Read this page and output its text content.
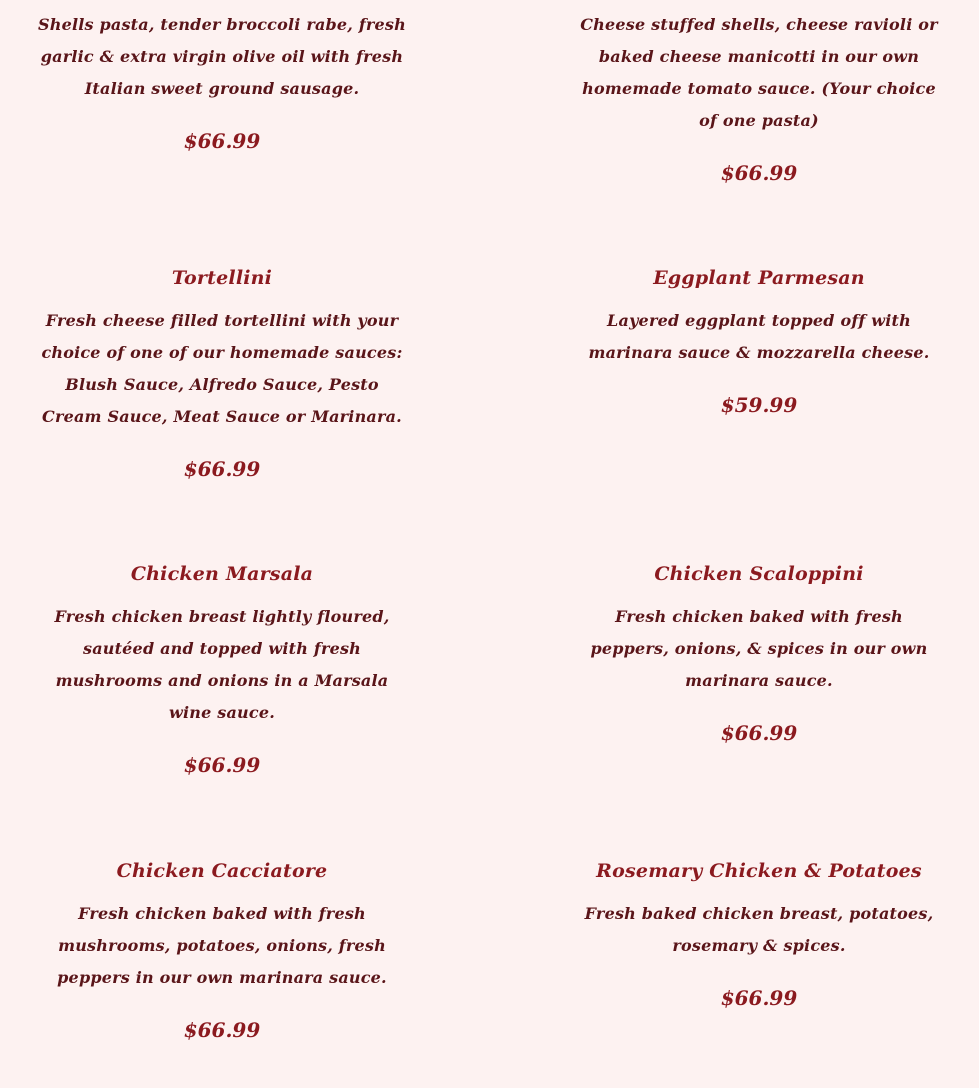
Shells pasta, tender broccoli rabe, fresh garlic & extra virgin olive oil with fresh Italian sweet ground sausage.

$66.99

Tortellini

Fresh cheese filled tortellini with your choice of one of our homemade sauces: Blush Sauce, Alfredo Sauce, Pesto Cream Sauce, Meat Sauce or Marinara.

$66.99

Chicken Marsala

Fresh chicken breast lightly floured, sautéed and topped with fresh mushrooms and onions in a Marsala wine sauce.

$66.99

Chicken Cacciatore

Fresh chicken baked with fresh mushrooms, potatoes, onions, fresh peppers in our own marinara sauce.

$66.99

Cheese stuffed shells, cheese ravioli or baked cheese manicotti in our own homemade tomato sauce. (Your choice of one pasta)

$66.99

Eggplant Parmesan

Layered eggplant topped off with marinara sauce & mozzarella cheese.

$59.99

Chicken Scaloppini

Fresh chicken baked with fresh peppers, onions, & spices in our own marinara sauce.

$66.99

Rosemary Chicken & Potatoes

Fresh baked chicken breast, potatoes, rosemary & spices.

$66.99
